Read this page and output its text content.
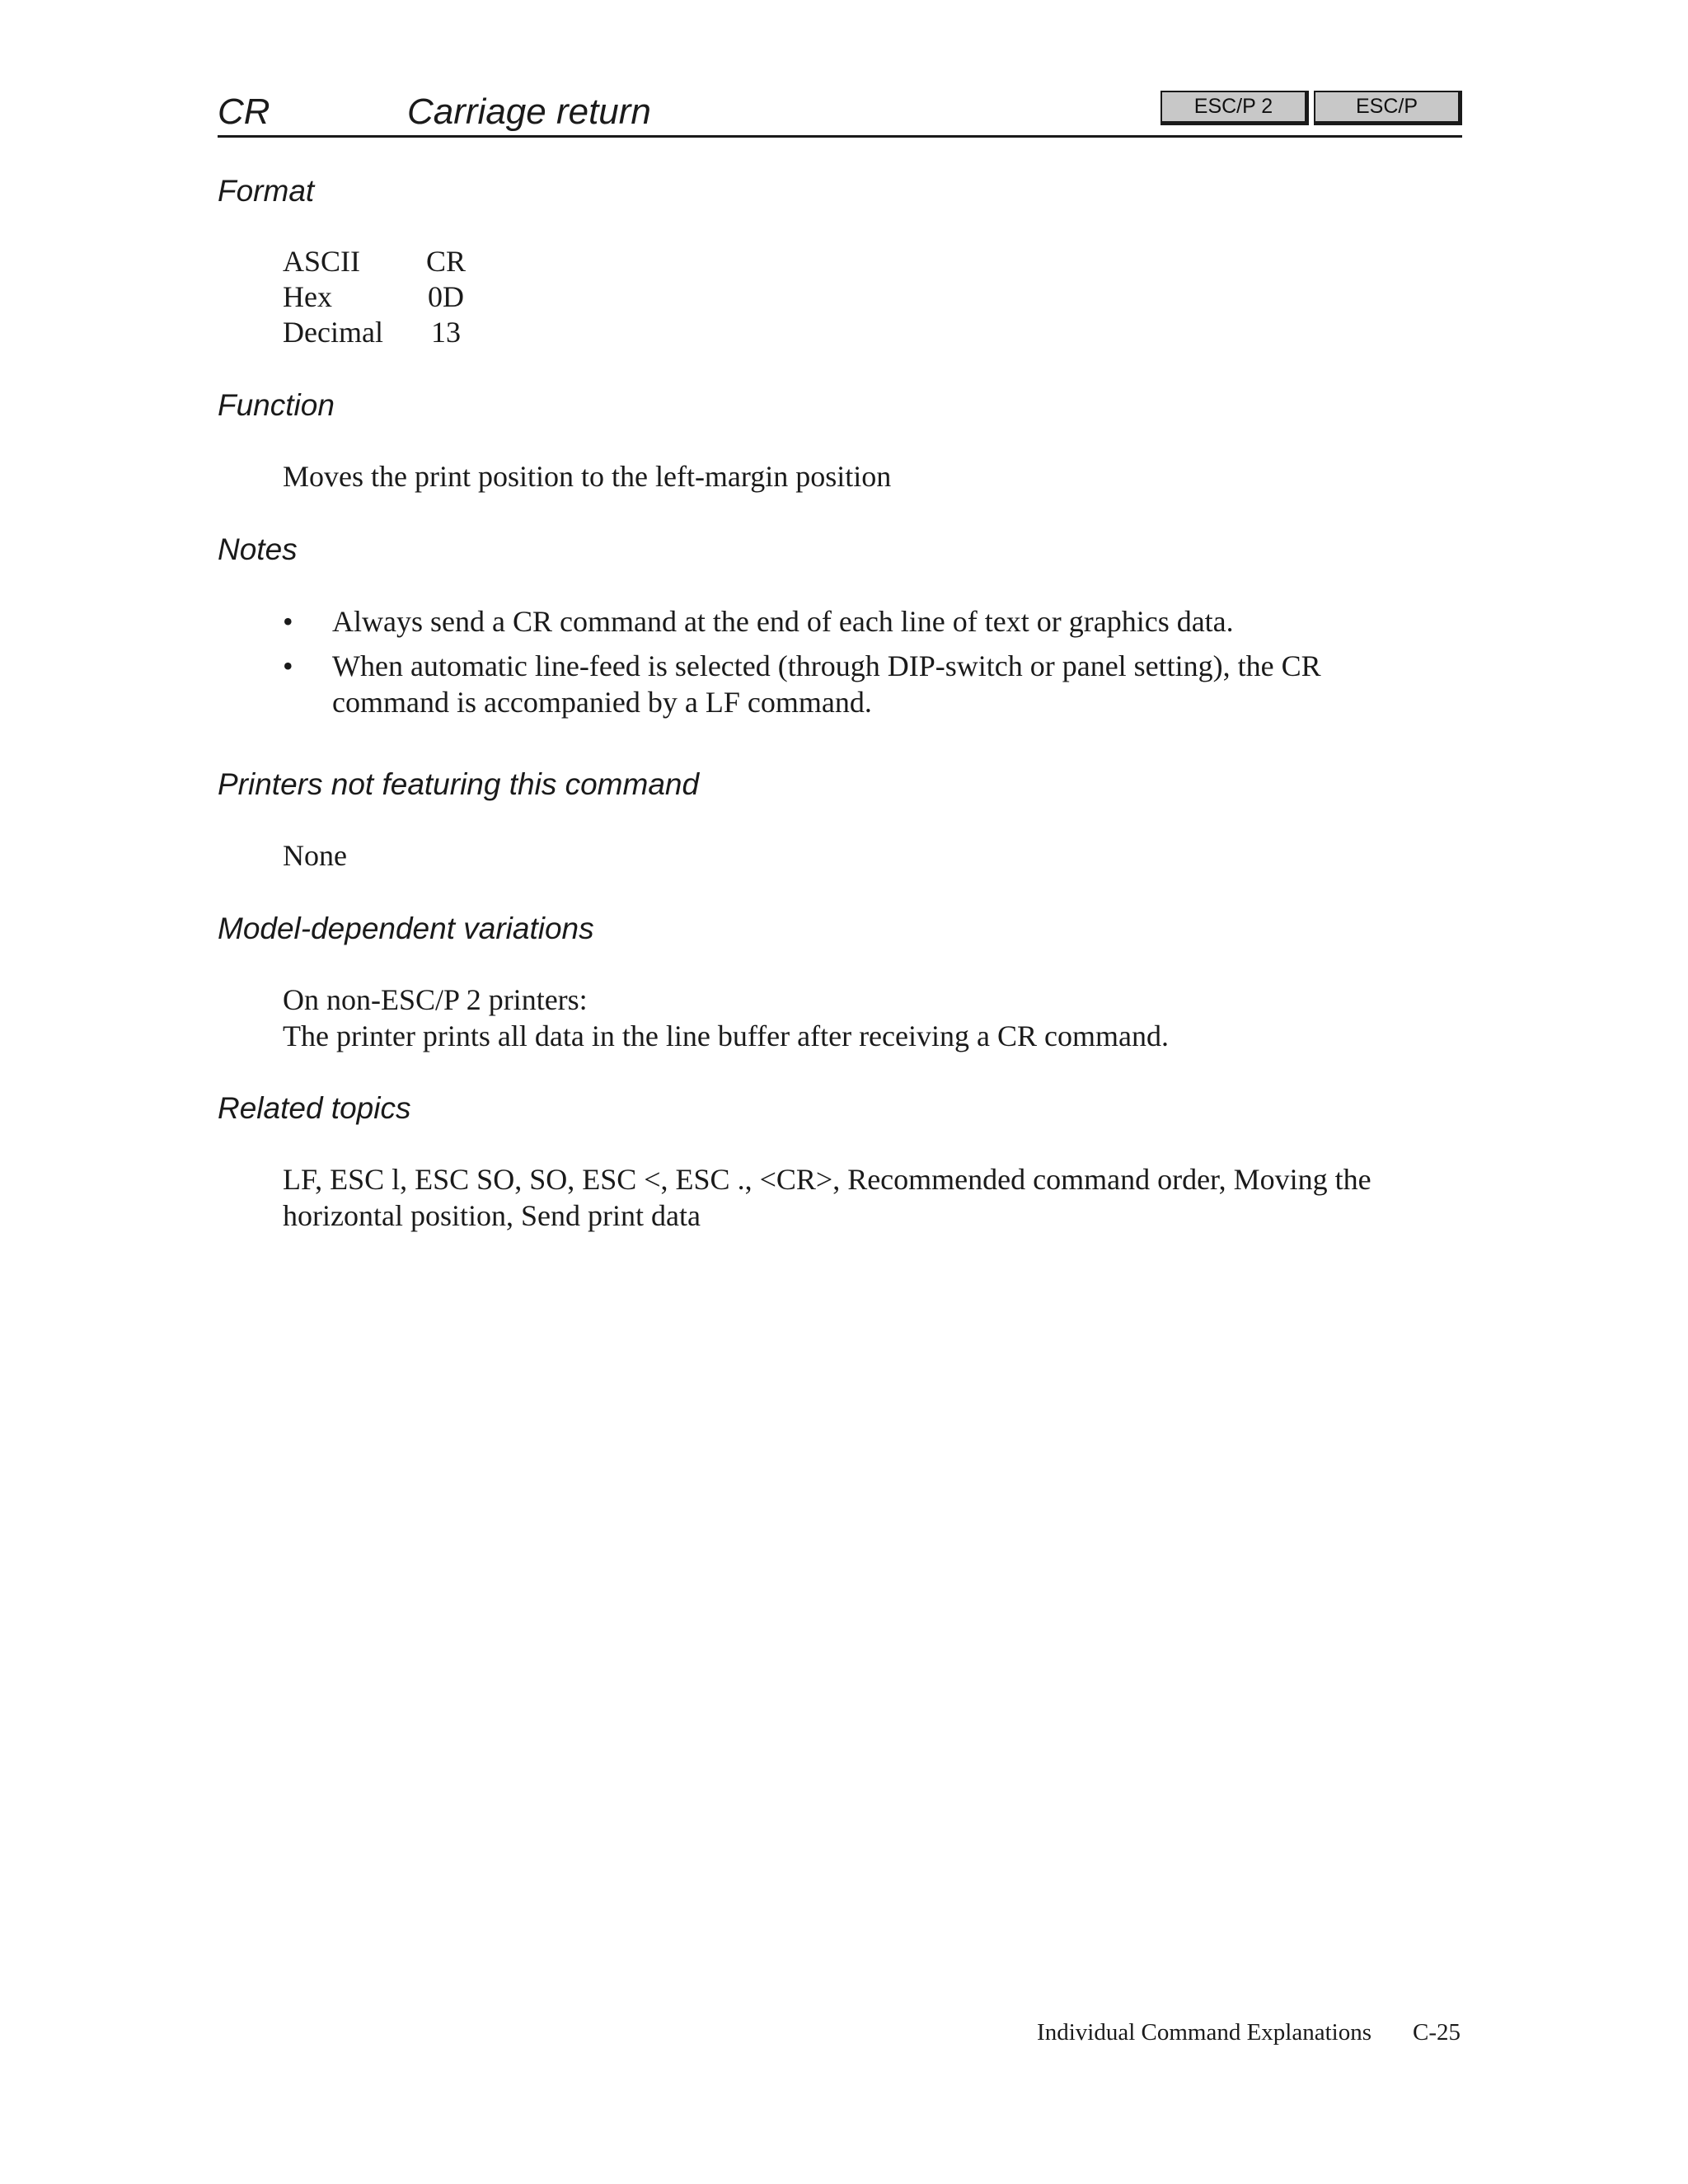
CR	Carriage return	ESC/P 2	ESC/P
Format
ASCII	CR
Hex	0D
Decimal	13
Function
Moves the print position to the left-margin position
Notes
• Always send a CR command at the end of each line of text or graphics data.
• When automatic line-feed is selected (through DIP-switch or panel setting), the CR command is accompanied by a LF command.
Printers not featuring this command
None
Model-dependent variations
On non-ESC/P 2 printers:
The printer prints all data in the line buffer after receiving a CR command.
Related topics
LF, ESC l, ESC SO, SO, ESC <, ESC ., <CR>, Recommended command order, Moving the horizontal position, Send print data
Individual Command Explanations C-25
